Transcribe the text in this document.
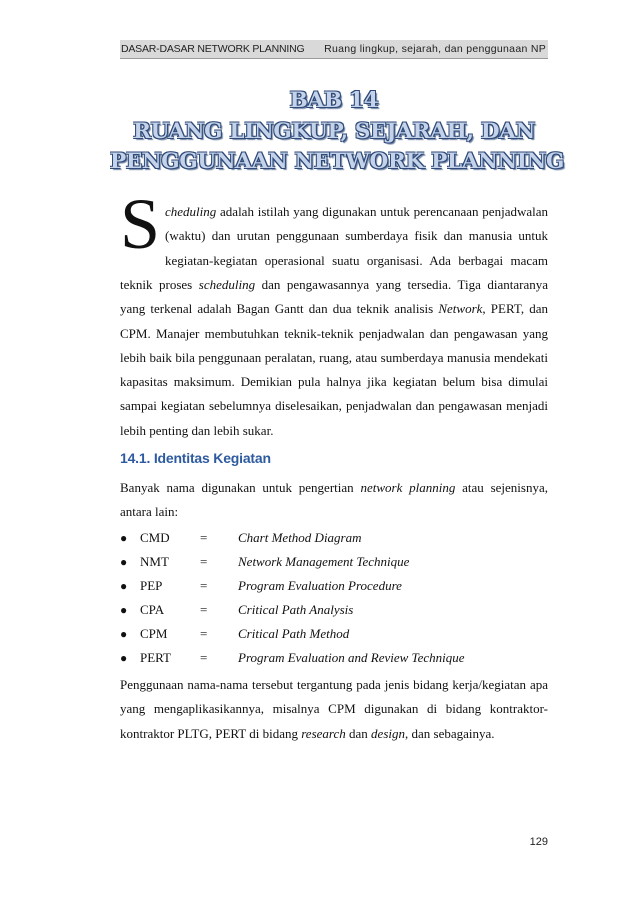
DASAR-DASAR NETWORK PLANNING Ruang lingkup, sejarah, dan penggunaan NP
BAB 14
RUANG LINGKUP, SEJARAH, DAN
PENGGUNAAN NETWORK PLANNING
S cheduling adalah istilah yang digunakan untuk perencanaan penjadwalan
(waktu) dan urutan penggunaan sumberdaya fisik dan manusia untuk
kegiatan-kegiatan operasional suatu organisasi. Ada berbagai macam
teknik proses scheduling dan pengawasannya yang tersedia. Tiga diantaranya
yang terkenal adalah Bagan Gantt dan dua teknik analisis Network, PERT, dan
CPM. Manajer membutuhkan teknik-teknik penjadwalan dan pengawasan yang
lebih baik bila penggunaan peralatan, ruang, atau sumberdaya manusia mendekati
kapasitas maksimum. Demikian pula halnya jika kegiatan belum bisa dimulai
sampai kegiatan sebelumnya diselesaikan, penjadwalan dan pengawasan menjadi
lebih penting dan lebih sukar.
14.1. Identitas Kegiatan
Banyak nama digunakan untuk pengertian network planning atau sejenisnya,
antara lain:
● CMD = Chart Method Diagram
● NMT = Network Management Technique
● PEP	= Program Evaluation Procedure
● CPA	= Critical Path Analysis
● CPM	= Critical Path Method
● PERT = Program Evaluation and Review Technique
Penggunaan nama-nama tersebut tergantung pada jenis bidang kerja/kegiatan apa
yang mengaplikasikannya, misalnya CPM digunakan di bidang kontraktor-
kontraktor PLTG, PERT di bidang research dan design, dan sebagainya.
129
